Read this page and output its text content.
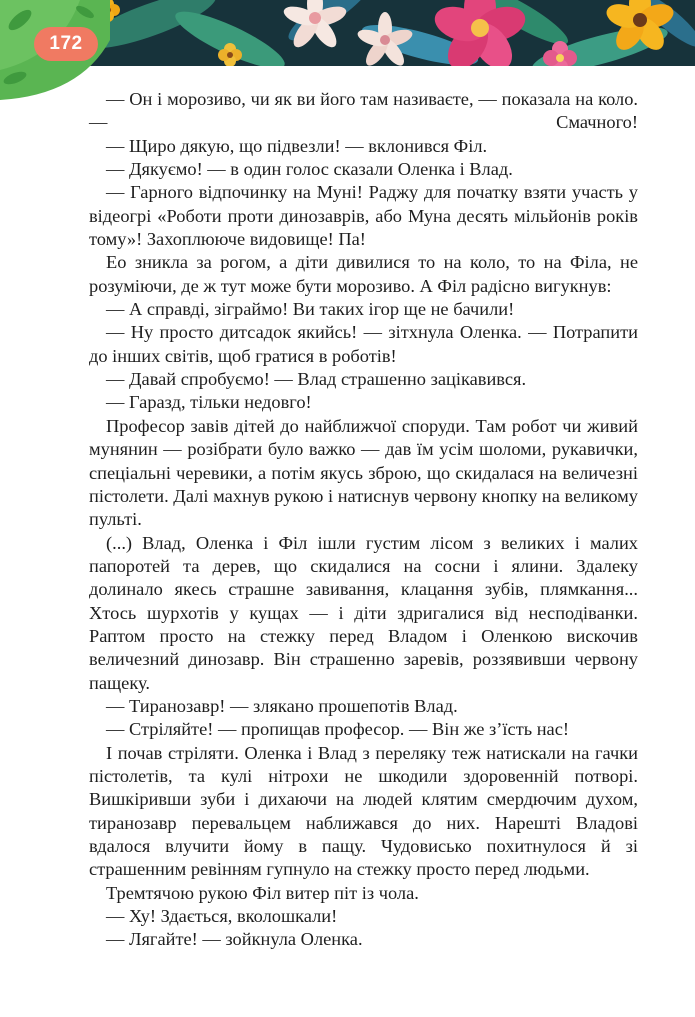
172

— Он і морозиво, чи як ви його там називаєте, — показала на коло. — Смачного!

— Щиро дякую, що підвезли! — вклонився Філ.

— Дякуємо! — в один голос сказали Оленка і Влад.

— Гарного відпочинку на Муні! Раджу для початку взяти участь у відеогрі «Роботи проти динозаврів, або Муна десять мільйонів років тому»! Захоплююче видовище! Па!

Ео зникла за рогом, а діти дивилися то на коло, то на Філа, не розуміючи, де ж тут може бути морозиво. А Філ радісно вигукнув:

— А справді, зіграймо! Ви таких ігор ще не бачили!

— Ну просто дитсадок якийсь! — зітхнула Оленка. — Потрапити до інших світів, щоб гратися в роботів!

— Давай спробуємо! — Влад страшенно зацікавився.

— Гаразд, тільки недовго!

Професор завів дітей до найближчої споруди. Там робот чи живий мунянин — розібрати було важко — дав їм усім шоломи, рукавички, спеціальні черевики, а потім якусь зброю, що скидалася на величезні пістолети. Далі махнув рукою і натиснув червону кнопку на великому пульті.

(...) Влад, Оленка і Філ ішли густим лісом з великих і малих папоротей та дерев, що скидалися на сосни і ялини. Здалеку долинало якесь страшне завивання, клацання зубів, плямкання... Хтось шурхотів у кущах — і діти здригалися від несподіванки. Раптом просто на стежку перед Владом і Оленкою вискочив величезний динозавр. Він страшенно заревів, роззявивши червону пащеку.

— Тиранозавр! — злякано прошепотів Влад.

— Стріляйте! — пропищав професор. — Він же з’їсть нас!

І почав стріляти. Оленка і Влад з переляку теж натискали на гачки пістолетів, та кулі нітрохи не шкодили здоровенній потворі. Вишкіривши зуби і дихаючи на людей клятим смердючим духом, тиранозавр перевальцем наближався до них. Нарешті Владові вдалося влучити йому в пащу. Чудовисько похитнулося й зі страшенним ревінням гупнуло на стежку просто перед людьми.

Тремтячою рукою Філ витер піт із чола.

— Ху! Здається, вколошкали!

— Лягайте! — зойкнула Оленка.
